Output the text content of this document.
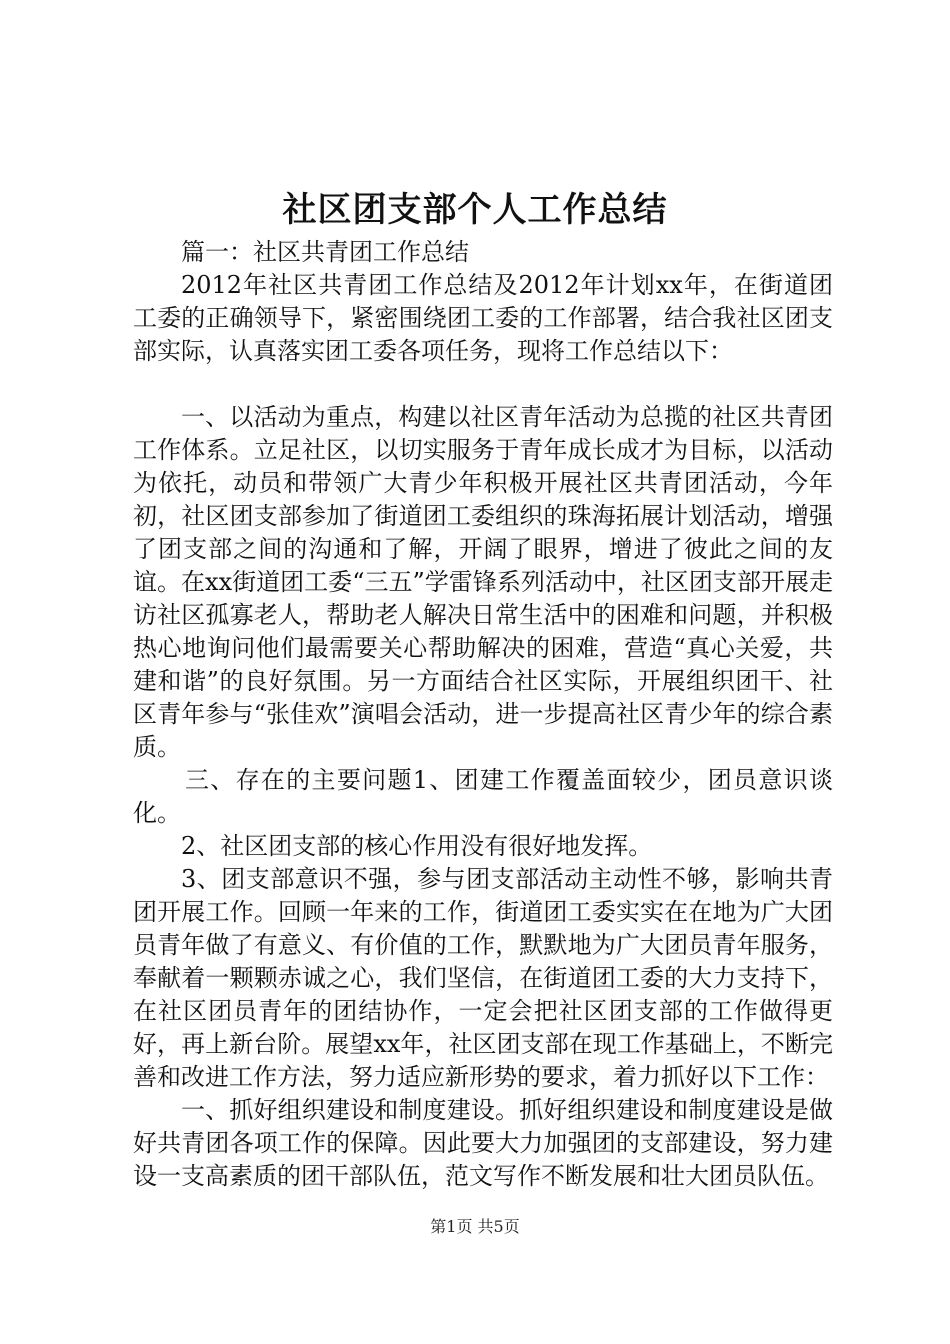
社区团支部个人工作总结

篇一：社区共青团工作总结

2012年社区共青团工作总结及2012年计划xx年，在街道团工委的正确领导下，紧密围绕团工委的工作部署，结合我社区团支部实际，认真落实团工委各项任务，现将工作总结以下：

一、以活动为重点，构建以社区青年活动为总揽的社区共青团工作体系。立足社区，以切实服务于青年成长成才为目标，以活动为依托，动员和带领广大青少年积极开展社区共青团活动，今年初，社区团支部参加了街道团工委组织的珠海拓展计划活动，增强了团支部之间的沟通和了解，开阔了眼界，增进了彼此之间的友谊。在xx街道团工委“三五”学雷锋系列活动中，社区团支部开展走访社区孤寡老人，帮助老人解决日常生活中的困难和问题，并积极热心地询问他们最需要关心帮助解决的困难，营造“真心关爱，共建和谐”的良好氛围。另一方面结合社区实际，开展组织团干、社区青年参与“张佳欢”演唱会活动，进一步提高社区青少年的综合素质。

三、存在的主要问题1、团建工作覆盖面较少，团员意识谈化。

2、社区团支部的核心作用没有很好地发挥。

3、团支部意识不强，参与团支部活动主动性不够，影响共青团开展工作。回顾一年来的工作，街道团工委实实在在地为广大团员青年做了有意义、有价值的工作，默默地为广大团员青年服务，奉献着一颗颗赤诚之心，我们坚信，在街道团工委的大力支持下，在社区团员青年的团结协作，一定会把社区团支部的工作做得更好，再上新台阶。展望xx年，社区团支部在现工作基础上，不断完善和改进工作方法，努力适应新形势的要求，着力抓好以下工作：

一、抓好组织建设和制度建设。抓好组织建设和制度建设是做好共青团各项工作的保障。因此要大力加强团的支部建设，努力建设一支高素质的团干部队伍，范文写作不断发展和壮大团员队伍。

第1页 共5页
